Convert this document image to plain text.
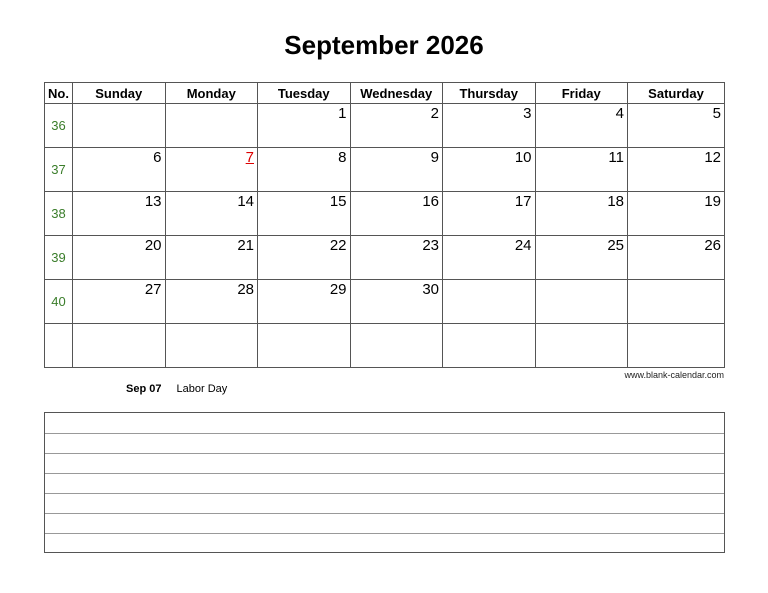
September 2026
No.	Sunday	Monday	Tuesday	Wednesday	Thursday	Friday	Saturday
36			1	2	3	4	5

37	6	7	8	9	10	11	12

38	13	14	15	16	17	18	19

39	20	21	22	23	24	25	26

40	27	28	29	30			

www.blank-calendar.com
Sep 07 Labor Day
